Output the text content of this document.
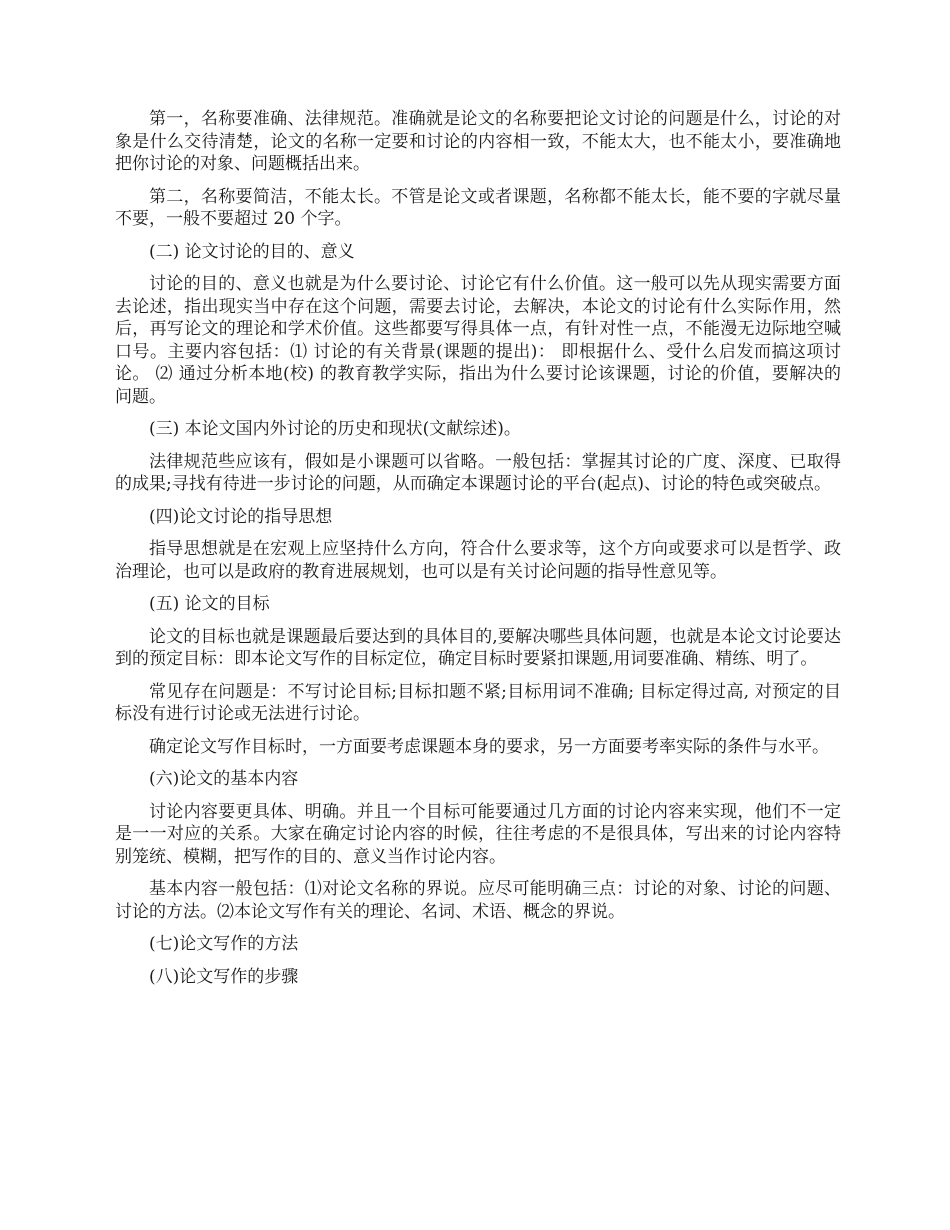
第一，名称要准确、法律规范。准确就是论文的名称要把论文讨论的问题是什么，讨论的对象是什么交待清楚，论文的名称一定要和讨论的内容相一致，不能太大，也不能太小，要准确地把你讨论的对象、问题概括出来。

第二，名称要简洁，不能太长。不管是论文或者课题，名称都不能太长，能不要的字就尽量不要，一般不要超过 20 个字。

(二) 论文讨论的目的、意义

讨论的目的、意义也就是为什么要讨论、讨论它有什么价值。这一般可以先从现实需要方面去论述，指出现实当中存在这个问题，需要去讨论，去解决，本论文的讨论有什么实际作用，然后，再写论文的理论和学术价值。这些都要写得具体一点，有针对性一点，不能漫无边际地空喊口号。主要内容包括：⑴ 讨论的有关背景(课题的提出)： 即根据什么、受什么启发而搞这项讨论。 ⑵ 通过分析本地(校) 的教育教学实际，指出为什么要讨论该课题，讨论的价值，要解决的问题。

(三) 本论文国内外讨论的历史和现状(文献综述)。

法律规范些应该有，假如是小课题可以省略。一般包括：掌握其讨论的广度、深度、已取得的成果;寻找有待进一步讨论的问题，从而确定本课题讨论的平台(起点)、讨论的特色或突破点。

(四)论文讨论的指导思想

指导思想就是在宏观上应坚持什么方向，符合什么要求等，这个方向或要求可以是哲学、政治理论，也可以是政府的教育进展规划，也可以是有关讨论问题的指导性意见等。

(五) 论文的目标

论文的目标也就是课题最后要达到的具体目的,要解决哪些具体问题，也就是本论文讨论要达到的预定目标：即本论文写作的目标定位，确定目标时要紧扣课题,用词要准确、精练、明了。

常见存在问题是：不写讨论目标;目标扣题不紧;目标用词不准确; 目标定得过高, 对预定的目标没有进行讨论或无法进行讨论。

确定论文写作目标时，一方面要考虑课题本身的要求，另一方面要考率实际的条件与水平。

(六)论文的基本内容

讨论内容要更具体、明确。并且一个目标可能要通过几方面的讨论内容来实现，他们不一定是一一对应的关系。大家在确定讨论内容的时候，往往考虑的不是很具体，写出来的讨论内容特别笼统、模糊，把写作的目的、意义当作讨论内容。

基本内容一般包括：⑴对论文名称的界说。应尽可能明确三点：讨论的对象、讨论的问题、讨论的方法。⑵本论文写作有关的理论、名词、术语、概念的界说。

(七)论文写作的方法

(八)论文写作的步骤
